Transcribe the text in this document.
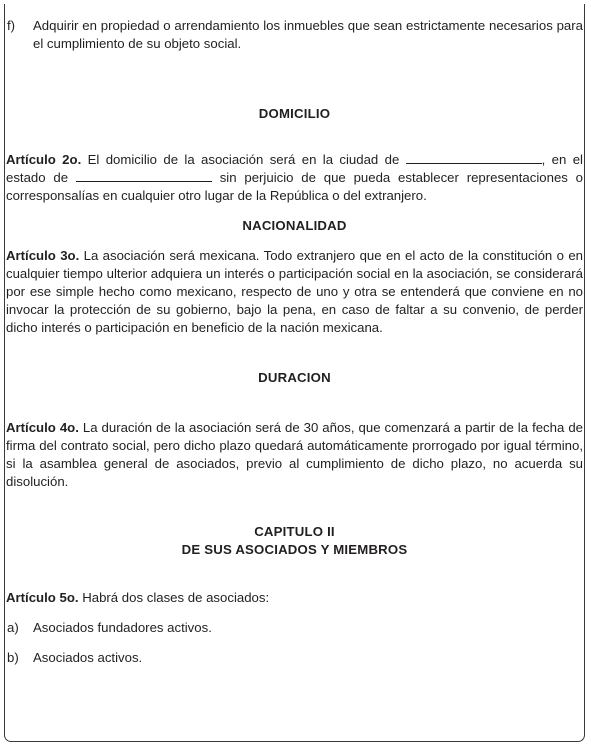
f)	Adquirir en propiedad o arrendamiento los inmuebles que sean estrictamente necesarios para el cumplimiento de su objeto social.
DOMICILIO
Artículo 2o. El domicilio de la asociación será en la ciudad de	, en el estado de	sin perjuicio de que pueda establecer representaciones o corresponsalías en cualquier otro lugar de la República o del extranjero.
NACIONALIDAD
Artículo 3o. La asociación será mexicana. Todo extranjero que en el acto de la constitución o en cualquier tiempo ulterior adquiera un interés o participación social en la asociación, se considerará por ese simple hecho como mexicano, respecto de uno y otra se entenderá que conviene en no invocar la protección de su gobierno, bajo la pena, en caso de faltar a su convenio, de perder dicho interés o participación en beneficio de la nación mexicana.
DURACION
Artículo 4o. La duración de la asociación será de 30 años, que comenzará a partir de la fecha de firma del contrato social, pero dicho plazo quedará automáticamente prorrogado por igual término, si la asamblea general de asociados, previo al cumplimiento de dicho plazo, no acuerda su disolución.
CAPITULO II
DE SUS ASOCIADOS Y MIEMBROS
Artículo 5o. Habrá dos clases de asociados:
a)	Asociados fundadores activos.
b)	Asociados activos.
